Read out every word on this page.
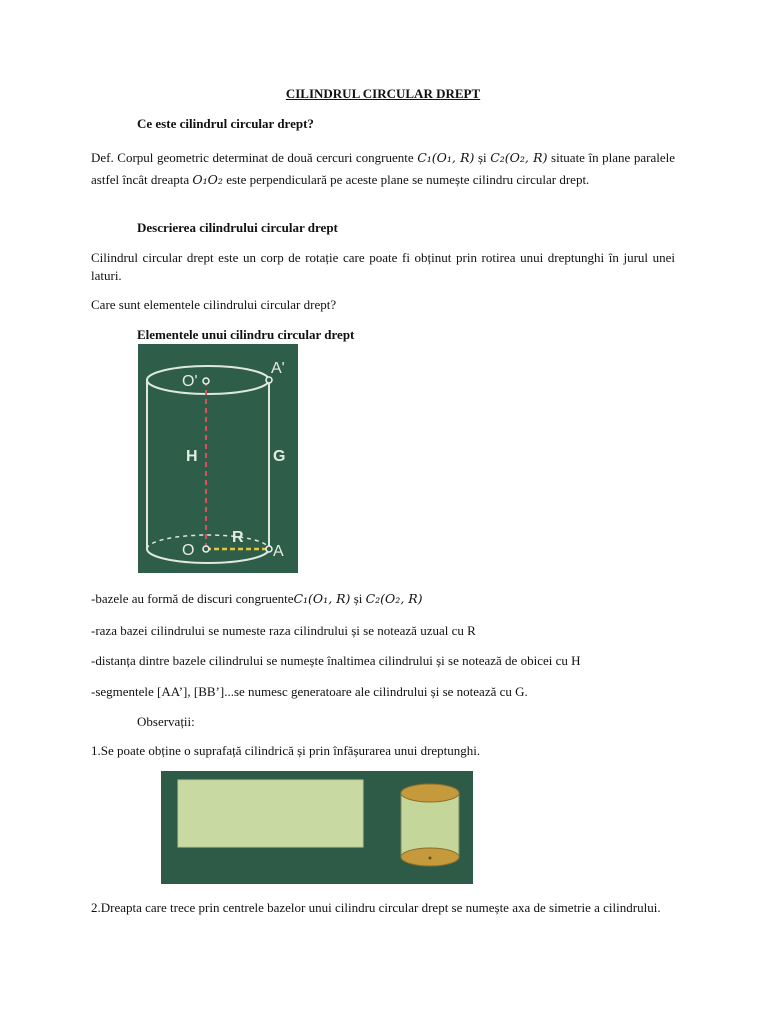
CILINDRUL CIRCULAR DREPT
Ce este cilindrul circular drept?
Def. Corpul geometric determinat de două cercuri congruente C₁(O₁, R) și C₂(O₂, R) situate în plane paralele astfel încât dreapta O₁O₂ este perpendiculară pe aceste plane se numește cilindru circular drept.
Descrierea cilindrului circular drept
Cilindrul circular drept este un corp de rotație care poate fi obținut prin rotirea unui dreptunghi în jurul unei laturi.
Care sunt elementele cilindrului circular drept?
Elementele unui cilindru circular drept
-bazele au formă de discuri congruenteC₁(O₁, R) și C₂(O₂, R)
-raza bazei cilindrului se numeste raza cilindrului și se notează uzual cu R
-distanța dintre bazele cilindrului se numește înaltimea cilindrului și se notează de obicei cu H
-segmentele [AA’], [BB’]...se numesc generatoare ale cilindrului și se notează cu G.
Observații:
1.Se poate obține o suprafață cilindrică și prin înfășurarea unui dreptunghi.
2.Dreapta care trece prin centrele bazelor unui cilindru circular drept se numește axa de simetrie a cilindrului.
O'
A'
H	G
R
O	A
